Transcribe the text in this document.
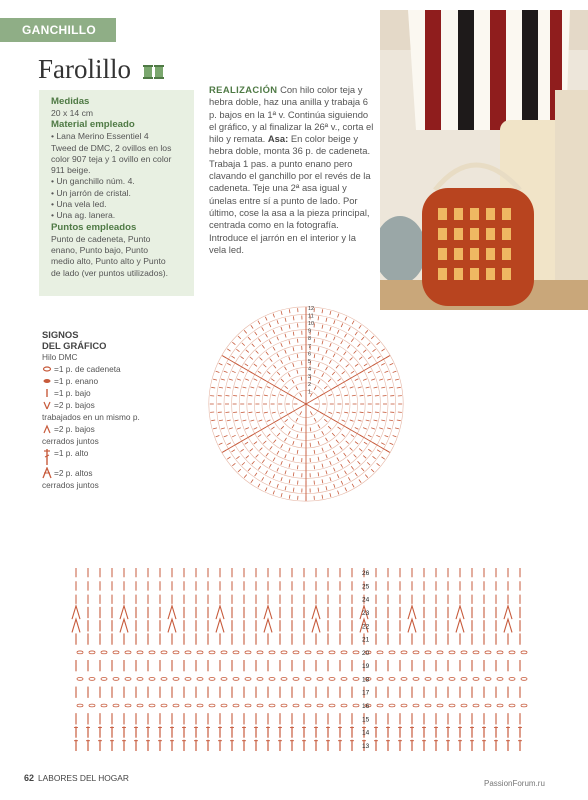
GANCHILLO
Farolillo
Medidas
20 x 14 cm
Material empleado
• Lana Merino Essentiel 4
Tweed de DMC, 2 ovillos en los
color 907 teja y 1 ovillo en color
911 beige.
• Un ganchillo núm. 4.
• Un jarrón de cristal.
• Una vela led.
• Una ag. lanera.
Puntos empleados
Punto de cadeneta, Punto
enano, Punto bajo, Punto
medio alto, Punto alto y Punto
de lado (ver puntos utilizados).
REALIZACIÓN Con hilo color teja y hebra doble, haz una anilla y trabaja 6 p. bajos en la 1ª v. Continúa siguiendo el gráfico, y al finalizar la 26ª v., corta el hilo y remata. Asa: En color beige y hebra doble, monta 36 p. de cadeneta. Trabaja 1 pas. a punto enano pero clavando el ganchillo por el revés de la cadeneta. Teje una 2ª asa igual y únelas entre sí a punto de lado. Por último, cose la asa a la pieza principal, centrada como en la fotografía. Introduce el jarrón en el interior y la vela led.
SIGNOS
DEL GRÁFICO
Hilo DMC
=1 p. de cadeneta
=1 p. enano
=1 p. bajo
=2 p. bajos
trabajados en un mismo p.
=2 p. bajos
cerrados juntos
=1 p. alto
=2 p. altos
cerrados juntos
1
2
3
4
5
6
7
8
9
10
11
12
13
14
15
16
17
18
19
20
21
22
23
24
25
26
62 LABORES DEL HOGAR
PassionForum.ru
